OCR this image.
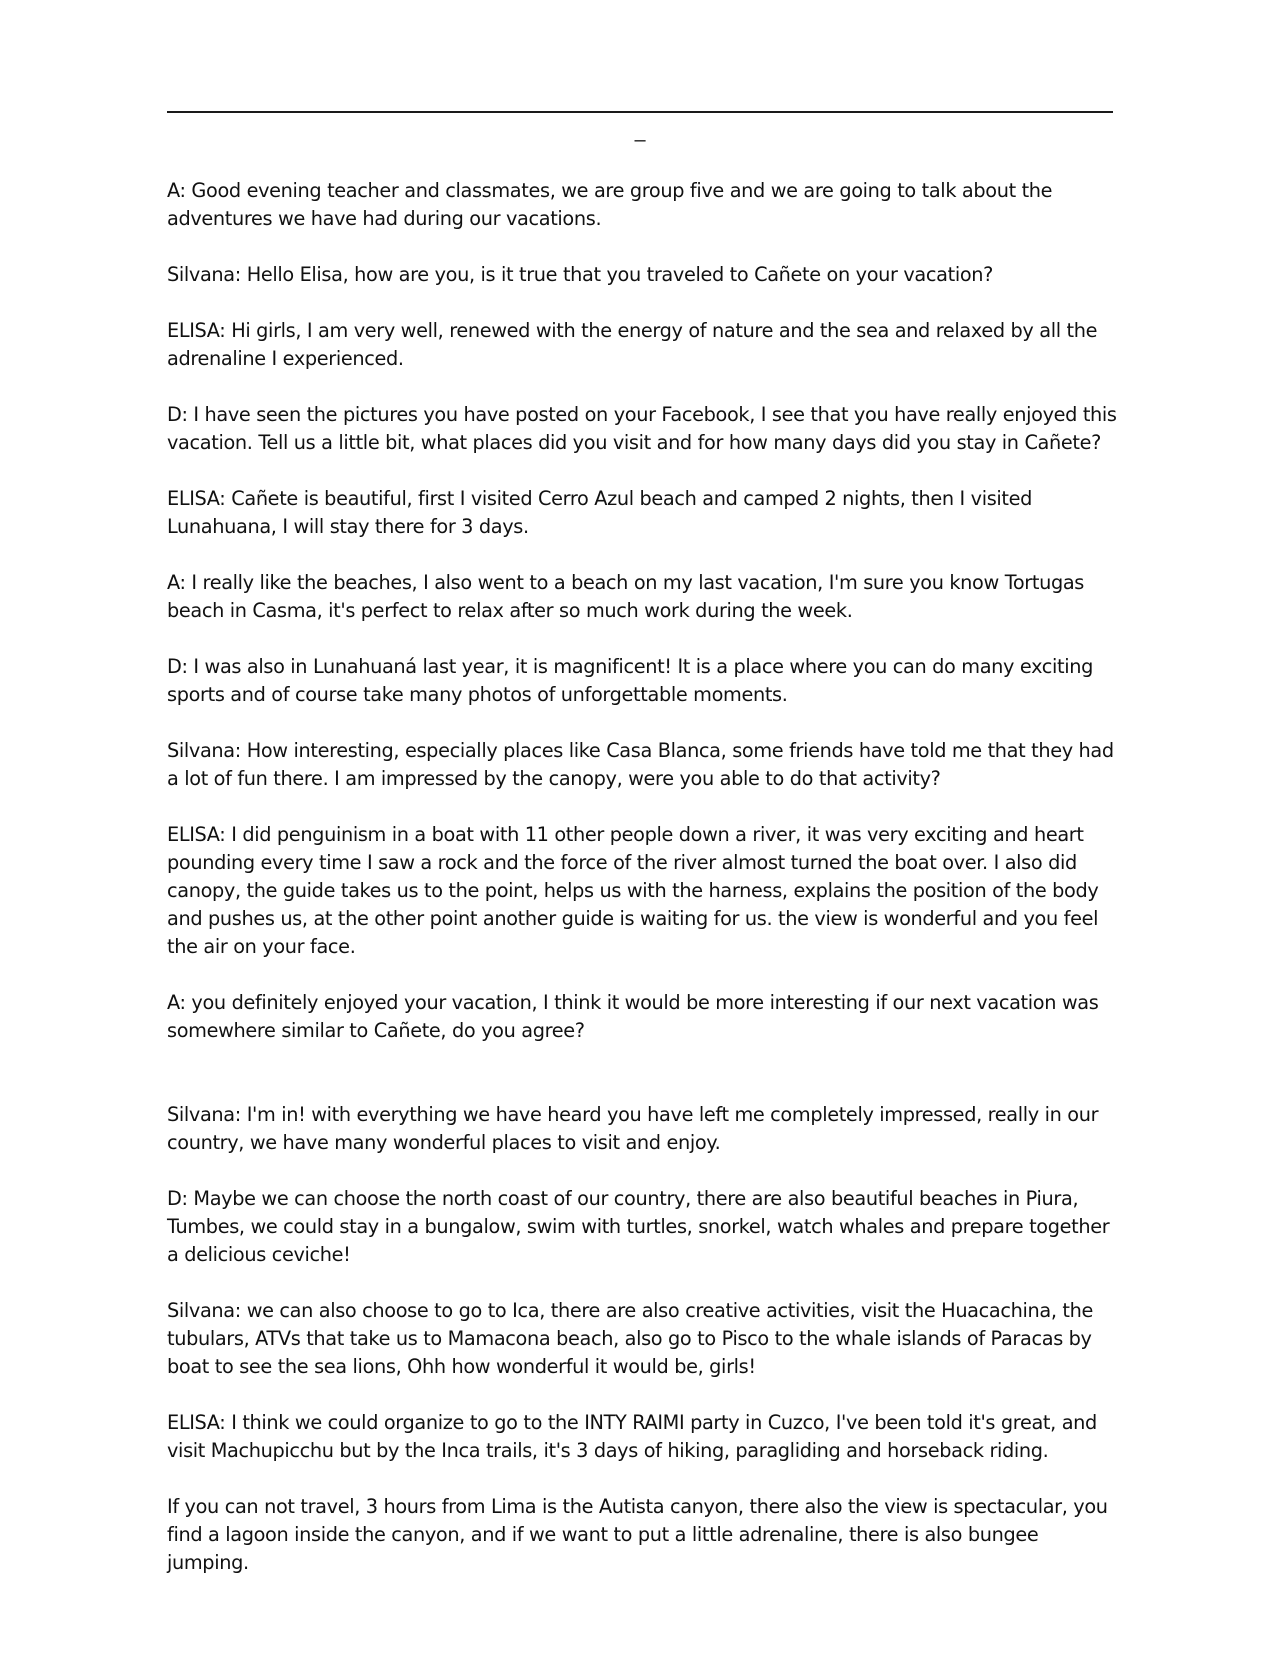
–

A: Good evening teacher and classmates, we are group five and we are going to talk about the adventures we have had during our vacations.

Silvana: Hello Elisa, how are you, is it true that you traveled to Cañete on your vacation?

ELISA: Hi girls, I am very well, renewed with the energy of nature and the sea and relaxed by all the adrenaline I experienced.

D: I have seen the pictures you have posted on your Facebook, I see that you have really enjoyed this vacation. Tell us a little bit, what places did you visit and for how many days did you stay in Cañete?

ELISA: Cañete is beautiful, first I visited Cerro Azul beach and camped 2 nights, then I visited Lunahuana, I will stay there for 3 days.

A: I really like the beaches, I also went to a beach on my last vacation, I'm sure you know Tortugas beach in Casma, it's perfect to relax after so much work during the week.

D: I was also in Lunahuaná last year, it is magnificent! It is a place where you can do many exciting sports and of course take many photos of unforgettable moments.

Silvana: How interesting, especially places like Casa Blanca, some friends have told me that they had a lot of fun there. I am impressed by the canopy, were you able to do that activity?

ELISA: I did penguinism in a boat with 11 other people down a river, it was very exciting and heart pounding every time I saw a rock and the force of the river almost turned the boat over. I also did canopy, the guide takes us to the point, helps us with the harness, explains the position of the body and pushes us, at the other point another guide is waiting for us. the view is wonderful and you feel the air on your face.

A: you definitely enjoyed your vacation, I think it would be more interesting if our next vacation was somewhere similar to Cañete, do you agree?

Silvana: I'm in! with everything we have heard you have left me completely impressed, really in our country, we have many wonderful places to visit and enjoy.

D: Maybe we can choose the north coast of our country, there are also beautiful beaches in Piura, Tumbes, we could stay in a bungalow, swim with turtles, snorkel, watch whales and prepare together a delicious ceviche!

Silvana: we can also choose to go to Ica, there are also creative activities, visit the Huacachina, the tubulars, ATVs that take us to Mamacona beach, also go to Pisco to the whale islands of Paracas by boat to see the sea lions, Ohh how wonderful it would be, girls!

ELISA: I think we could organize to go to the INTY RAIMI party in Cuzco, I've been told it's great, and visit Machupicchu but by the Inca trails, it's 3 days of hiking, paragliding and horseback riding.

If you can not travel, 3 hours from Lima is the Autista canyon, there also the view is spectacular, you find a lagoon inside the canyon, and if we want to put a little adrenaline, there is also bungee jumping.
